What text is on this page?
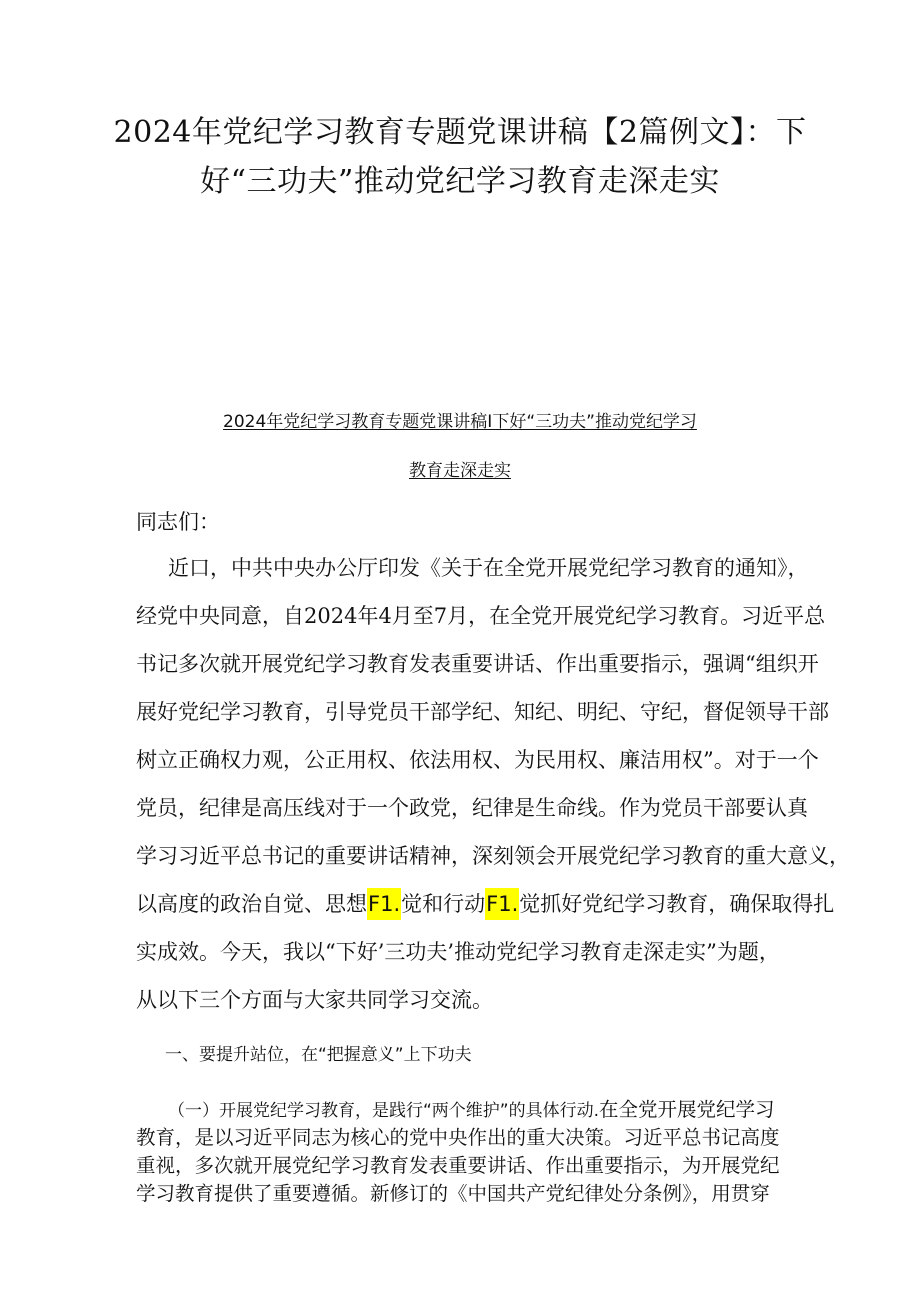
2024年党纪学习教育专题党课讲稿【2篇例文】：下
好“三功夫”推动党纪学习教育走深走实
2024年党纪学习教育专题党课讲稿I下好“三功夫”推动党纪学习
教育走深走实

同志们：

近口，中共中央办公厅印发《关于在全党开展党纪学习教育的通知》，

经党中央同意，自2024年4月至7月，在全党开展党纪学习教育。习近平总

书记多次就开展党纪学习教育发表重要讲话、作出重要指示，强调“组织开

展好党纪学习教育，引导党员干部学纪、知纪、明纪、守纪，督促领导干部

树立正确权力观，公正用权、依法用权、为民用权、廉洁用权”。对于一个

党员，纪律是高压线对于一个政党，纪律是生命线。作为党员干部要认真

学习习近平总书记的重要讲话精神，深刻领会开展党纪学习教育的重大意义，

以高度的政治自觉、思想F1.觉和行动F1.觉抓好党纪学习教育，确保取得扎

实成效。今天，我以“下好’三功夫’推动党纪学习教育走深走实”为题，

从以下三个方面与大家共同学习交流。

一、要提升站位，在“把握意义”上下功夫

（一）开展党纪学习教育，是践行“两个维护”的具体行动.在全党开展党纪学习

教育，是以习近平同志为核心的党中央作出的重大决策。习近平总书记高度

重视，多次就开展党纪学习教育发表重要讲话、作出重要指示，为开展党纪

学习教育提供了重要遵循。新修订的《中国共产党纪律处分条例》，用贯穿
